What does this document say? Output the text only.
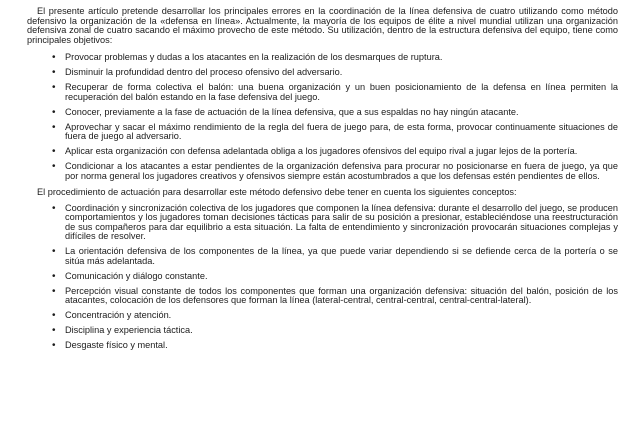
El presente artículo pretende desarrollar los principales errores en la coordinación de la línea defensiva de cuatro utilizando como método defensivo la organización de la «defensa en línea». Actualmente, la mayoría de los equipos de élite a nivel mundial utilizan una organización defensiva zonal de cuatro sacando el máximo provecho de este método. Su utilización, dentro de la estructura defensiva del equipo, tiene como principales objetivos:

• Provocar problemas y dudas a los atacantes en la realización de los desmarques de ruptura.
• Disminuir la profundidad dentro del proceso ofensivo del adversario.
• Recuperar de forma colectiva el balón: una buena organización y un buen posicionamiento de la defensa en línea permiten la recuperación del balón estando en la fase defensiva del juego.
• Conocer, previamente a la fase de actuación de la línea defensiva, que a sus espaldas no hay ningún atacante.
• Aprovechar y sacar el máximo rendimiento de la regla del fuera de juego para, de esta forma, provocar continuamente situaciones de fuera de juego al adversario.
• Aplicar esta organización con defensa adelantada obliga a los jugadores ofensivos del equipo rival a jugar lejos de la portería.
• Condicionar a los atacantes a estar pendientes de la organización defensiva para procurar no posicionarse en fuera de juego, ya que por norma general los jugadores creativos y ofensivos siempre están acostumbrados a que los defensas estén pendientes de ellos.

El procedimiento de actuación para desarrollar este método defensivo debe tener en cuenta los siguientes conceptos:

• Coordinación y sincronización colectiva de los jugadores que componen la línea defensiva: durante el desarrollo del juego, se producen comportamientos y los jugadores toman decisiones tácticas para salir de su posición a presionar, estableciéndose una reestructuración de sus compañeros para dar equilibrio a esta situación. La falta de entendimiento y sincronización provocarán situaciones complejas y difíciles de resolver.
• La orientación defensiva de los componentes de la línea, ya que puede variar dependiendo si se defiende cerca de la portería o se sitúa más adelantada.
• Comunicación y diálogo constante.
• Percepción visual constante de todos los componentes que forman una organización defensiva: situación del balón, posición de los atacantes, colocación de los defensores que forman la línea (lateral-central, central-central, central-central-lateral).
• Concentración y atención.
• Disciplina y experiencia táctica.
• Desgaste físico y mental.
